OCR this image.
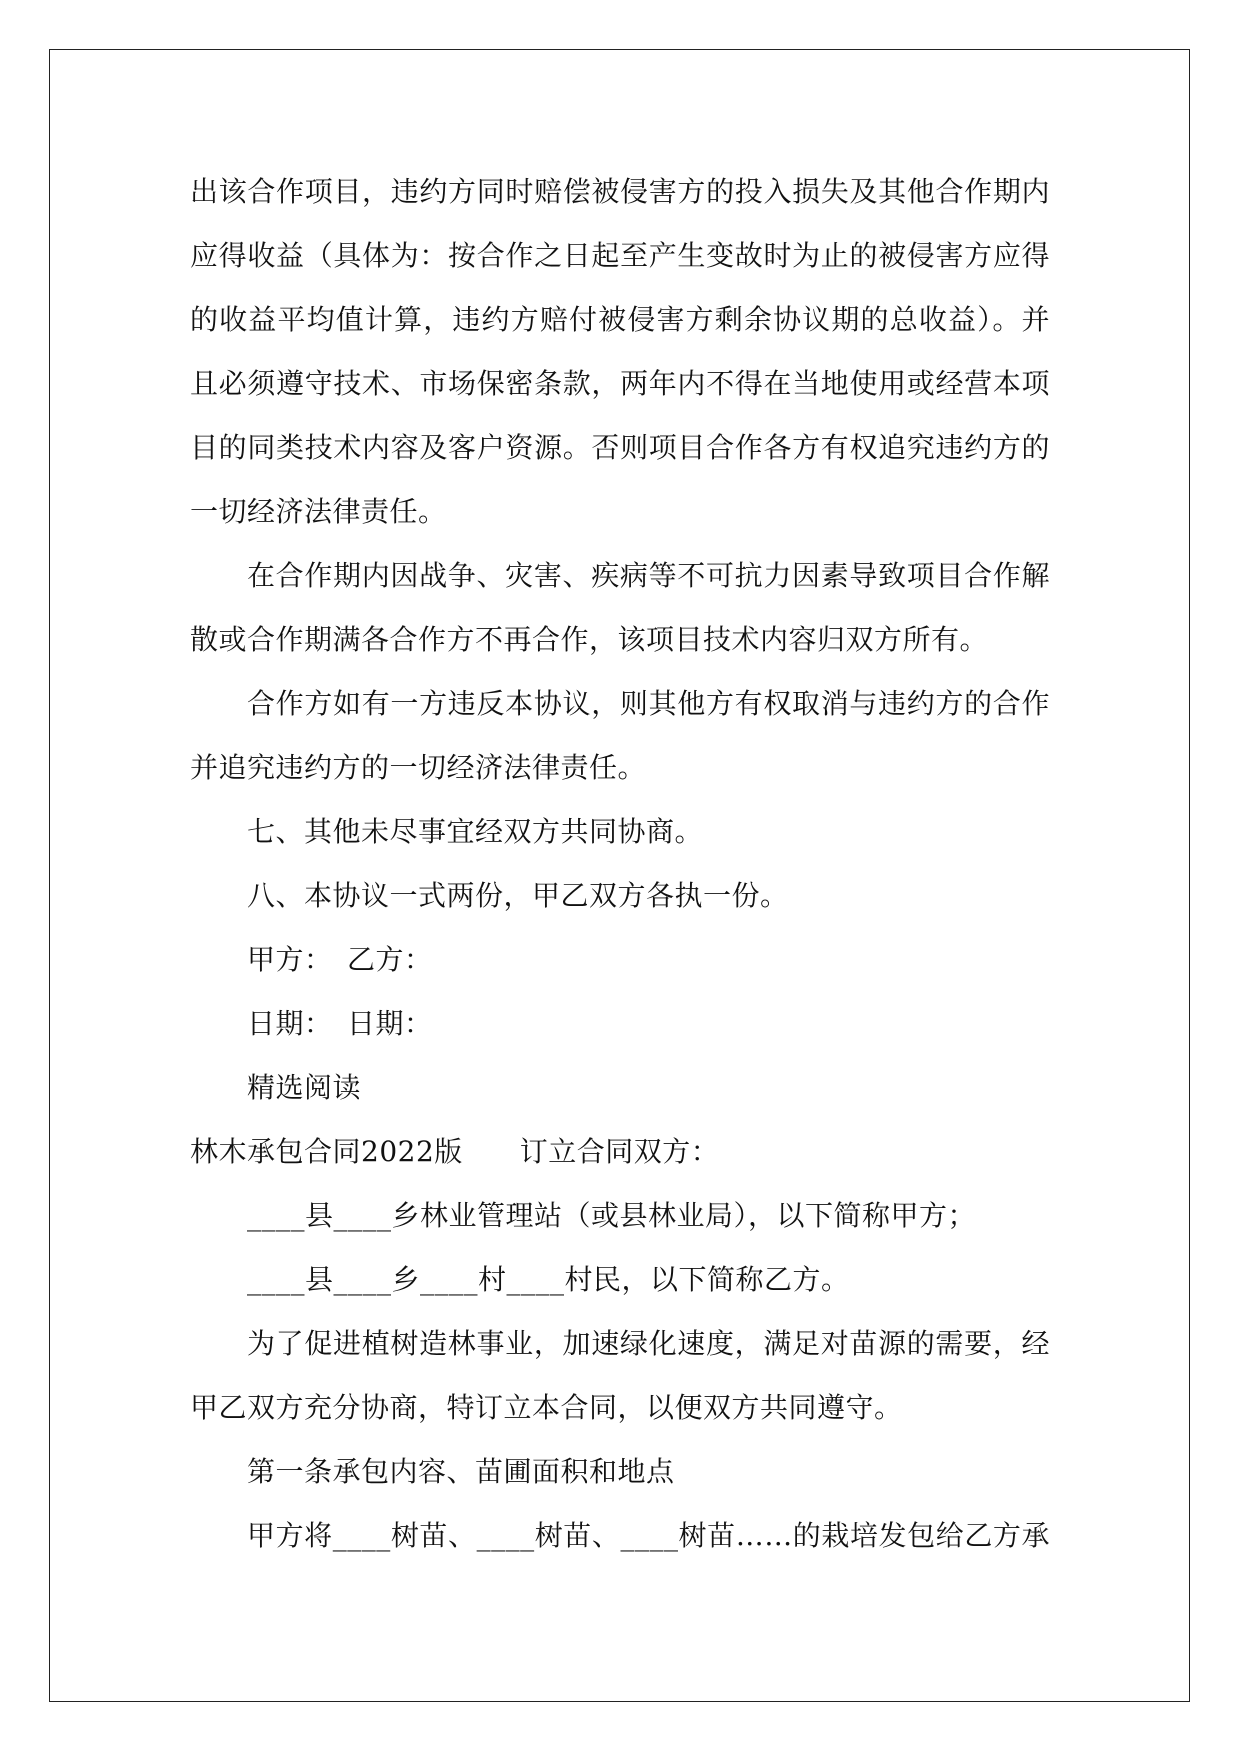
出该合作项目，违约方同时赔偿被侵害方的投入损失及其他合作期内
应得收益（具体为：按合作之日起至产生变故时为止的被侵害方应得
的收益平均值计算，违约方赔付被侵害方剩余协议期的总收益）。并
且必须遵守技术、市场保密条款，两年内不得在当地使用或经营本项
目的同类技术内容及客户资源。否则项目合作各方有权追究违约方的
一切经济法律责任。
在合作期内因战争、灾害、疾病等不可抗力因素导致项目合作解
散或合作期满各合作方不再合作，该项目技术内容归双方所有。
合作方如有一方违反本协议，则其他方有权取消与违约方的合作
并追究违约方的一切经济法律责任。
七、其他未尽事宜经双方共同协商。
八、本协议一式两份，甲乙双方各执一份。
甲方：　乙方：
日期：　日期：
精选阅读
林木承包合同2022版　　订立合同双方：
____县____乡林业管理站（或县林业局），以下简称甲方；
____县____乡____村____村民，以下简称乙方。
为了促进植树造林事业，加速绿化速度，满足对苗源的需要，经
甲乙双方充分协商，特订立本合同，以便双方共同遵守。
第一条承包内容、苗圃面积和地点
甲方将____树苗、____树苗、____树苗……的栽培发包给乙方承
